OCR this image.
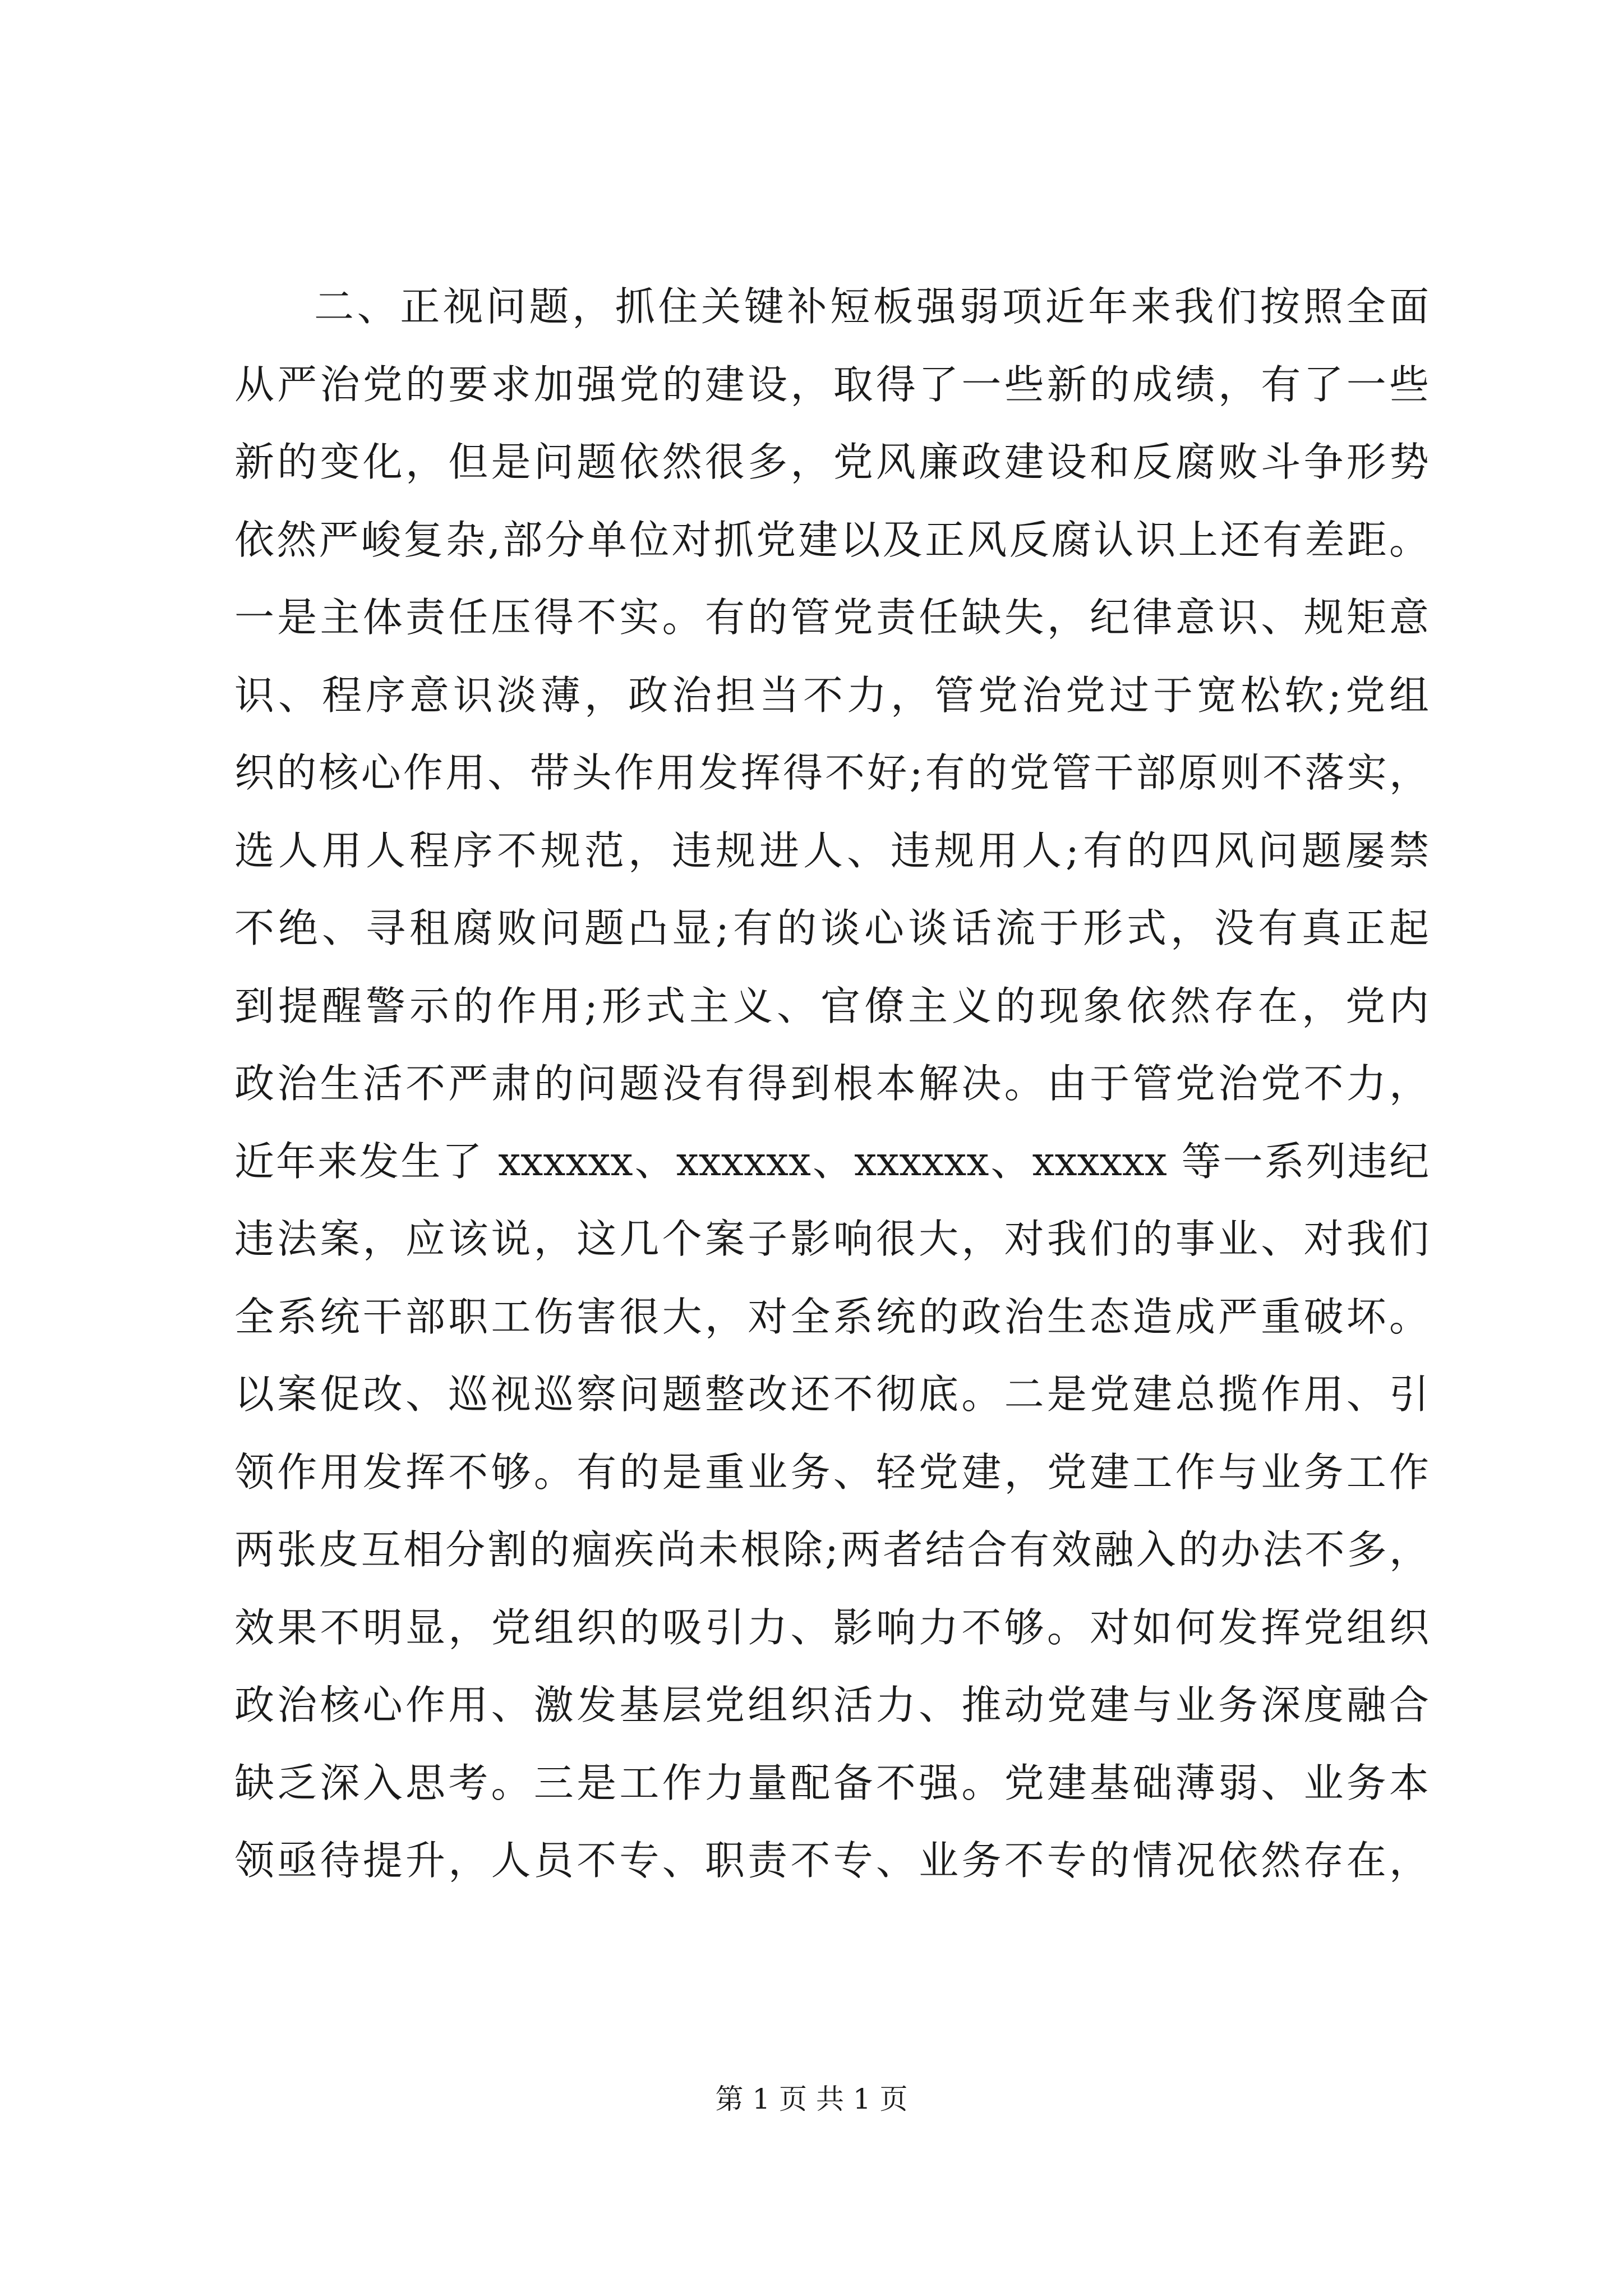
二、正视问题，抓住关键补短板强弱项近年来我们按照全面
从严治党的要求加强党的建设，取得了一些新的成绩，有了一些
新的变化，但是问题依然很多，党风廉政建设和反腐败斗争形势
依然严峻复杂,部分单位对抓党建以及正风反腐认识上还有差距。
一是主体责任压得不实。有的管党责任缺失，纪律意识、规矩意
识、程序意识淡薄，政治担当不力，管党治党过于宽松软;党组
织的核心作用、带头作用发挥得不好;有的党管干部原则不落实，
选人用人程序不规范，违规进人、违规用人;有的四风问题屡禁
不绝、寻租腐败问题凸显;有的谈心谈话流于形式，没有真正起
到提醒警示的作用;形式主义、官僚主义的现象依然存在，党内
政治生活不严肃的问题没有得到根本解决。由于管党治党不力，
近年来发生了 xxxxxx、xxxxxx、xxxxxx、xxxxxx 等一系列违纪
违法案，应该说，这几个案子影响很大，对我们的事业、对我们
全系统干部职工伤害很大，对全系统的政治生态造成严重破坏。
以案促改、巡视巡察问题整改还不彻底。二是党建总揽作用、引
领作用发挥不够。有的是重业务、轻党建，党建工作与业务工作
两张皮互相分割的痼疾尚未根除;两者结合有效融入的办法不多，
效果不明显，党组织的吸引力、影响力不够。对如何发挥党组织
政治核心作用、激发基层党组织活力、推动党建与业务深度融合
缺乏深入思考。三是工作力量配备不强。党建基础薄弱、业务本
领亟待提升，人员不专、职责不专、业务不专的情况依然存在，
第 1 页 共 1 页
